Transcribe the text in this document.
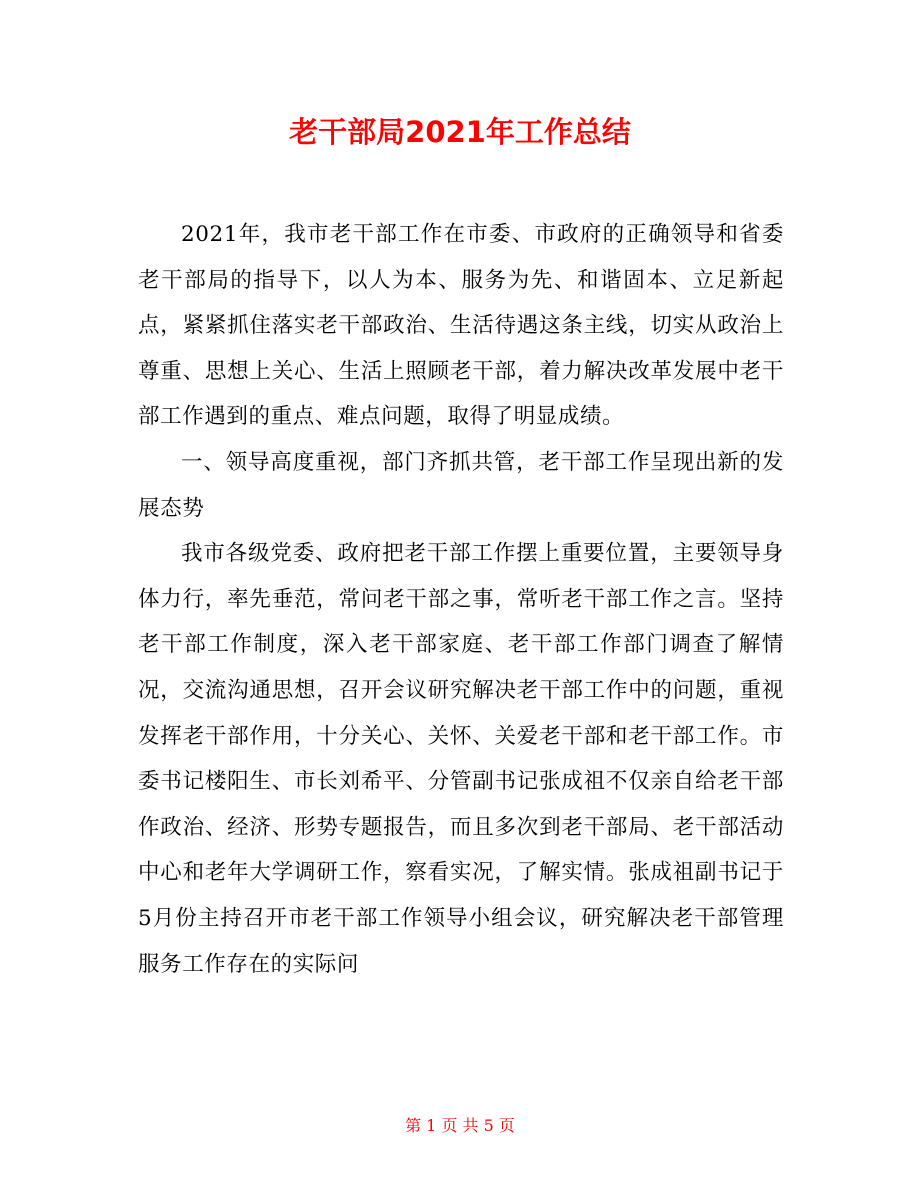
老干部局2021年工作总结

2021年，我市老干部工作在市委、市政府的正确领导和省委老干部局的指导下，以人为本、服务为先、和谐固本、立足新起点，紧紧抓住落实老干部政治、生活待遇这条主线，切实从政治上尊重、思想上关心、生活上照顾老干部，着力解决改革发展中老干部工作遇到的重点、难点问题，取得了明显成绩。

一、领导高度重视，部门齐抓共管，老干部工作呈现出新的发展态势

我市各级党委、政府把老干部工作摆上重要位置，主要领导身体力行，率先垂范，常问老干部之事，常听老干部工作之言。坚持老干部工作制度，深入老干部家庭、老干部工作部门调查了解情况，交流沟通思想，召开会议研究解决老干部工作中的问题，重视发挥老干部作用，十分关心、关怀、关爱老干部和老干部工作。市委书记楼阳生、市长刘希平、分管副书记张成祖不仅亲自给老干部作政治、经济、形势专题报告，而且多次到老干部局、老干部活动中心和老年大学调研工作，察看实况，了解实情。张成祖副书记于5月份主持召开市老干部工作领导小组会议，研究解决老干部管理服务工作存在的实际问

第 1 页 共 5 页
